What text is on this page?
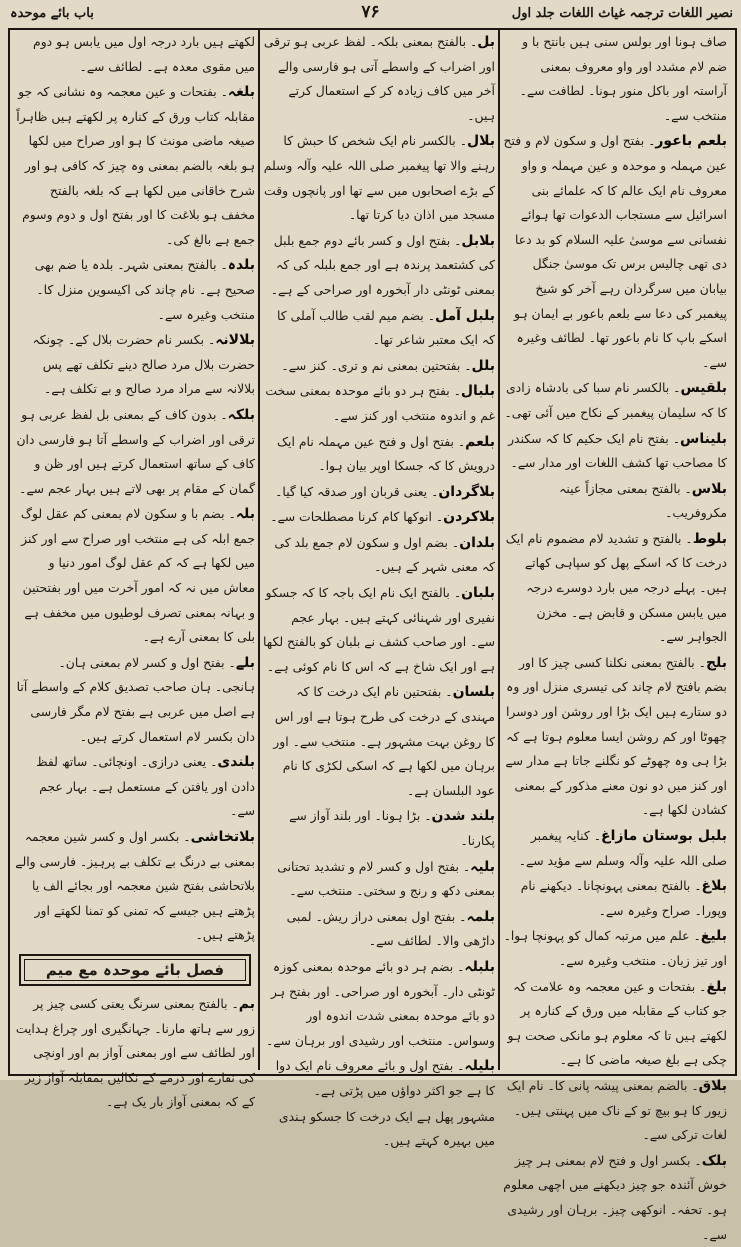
نصیر اللغات ترجمہ غیاث اللغات جلد اول
۷۶
باب بائے موحدہ
صاف ہونا اور بولس سنی ہیں بانتح با و ضم لام مشدد اور واو معروف بمعنی آراستہ اور باکل منور ہونا۔ لطافت سے۔ منتخب سے۔
بلعم باعور۔ بفتح اول و سکون لام و فتح عین مہملہ و موحدہ و عین مہملہ و واو معروف نام ایک عالم کا کہ علمائے بنی اسرائیل سے مستجاب الدعوات تھا ہوائے نفسانی سے موسیٰ علیہ السلام کو بد دعا دی تھی چالیس برس تک موسیٰ جنگل بیابان میں سرگردان رہے آخر کو شیخ پیغمبر کی دعا سے بلعم باعور بے ایمان ہو اسکے باپ کا نام باعور تھا۔ لطائف وغیرہ سے۔
بلقیس۔ بالکسر نام سبا کی بادشاہ زادی کا کہ سلیمان پیغمبر کے نکاح میں آئی تھی۔
بلیناس۔ بفتح نام ایک حکیم کا کہ سکندر کا مصاحب تھا کشف اللغات اور مدار سے۔
بلاس۔ بالفتح بمعنی مجازاً عینہ مکروفریب۔
بلوط۔ بالفتح و تشدید لام مضموم نام ایک درخت کا کہ اسکے پھل کو سپاہی کھاتے ہیں۔ پہلے درجہ میں بارد دوسرے درجہ میں یابس مسکن و قابض ہے۔ مخزن الجواہر سے۔
بلج۔ بالفتح بمعنی نکلنا کسی چیز کا اور بضم بافتح لام چاند کی تیسری منزل اور وہ دو ستارے ہیں ایک بڑا اور روشن اور دوسرا چھوٹا اور کم روشن ایسا معلوم ہوتا ہے کہ بڑا ہی وہ چھوٹے کو نگلنے جاتا ہے مدار سے اور کنز میں دو نون معنے مذکور کے بمعنی کشادن لکھا ہے۔
بلبل بوستان مازاغ۔ کنایہ پیغمبر صلی اللہ علیہ وآلہ وسلم سے مؤید سے۔
بلاغ۔ بالفتح بمعنی پہونچانا۔ دیکھنے نام وپورا۔ صراح وغیرہ سے۔
بلیغ۔ علم میں مرتبہ کمال کو پہونچا ہوا۔ اور تیز زبان۔ منتخب وغیرہ سے۔
بلغ۔ بفتحات و عین معجمہ وہ علامت کہ جو کتاب کے مقابلہ میں ورق کے کنارہ پر لکھتے ہیں تا کہ معلوم ہو مانکی صحت ہو چکی ہے بلغ صیغہ ماضی کا ہے۔
بلاق۔ بالضم بمعنی پیشہ پانی کا۔ نام ایک زیور کا ہو بیچ تو کے ناک میں پہنتی ہیں۔ لغات ترکی سے۔
بلک۔ بکسر اول و فتح لام بمعنی ہر چیز خوش آئندہ جو چیز دیکھنے میں اچھی معلوم ہو۔ تحفہ۔ انوکھی چیز۔ برہان اور رشیدی سے۔
بل۔ بالفتح بمعنی بلکہ۔ لفظ عربی ہو ترقی اور اضراب کے واسطے آتی ہو فارسی والے آخر میں کاف زیادہ کر کے استعمال کرتے ہیں۔
بلال۔ بالکسر نام ایک شخص کا حبش کا رہنے والا تھا پیغمبر صلی اللہ علیہ وآلہ وسلم کے بڑے اصحابوں میں سے تھا اور پانچوں وقت مسجد میں اذان دیا کرتا تھا۔
بلابل۔ بفتح اول و کسر بائے دوم جمع بلبل کی کشتعمد پرندہ ہے اور جمع بلبلہ کی کہ بمعنی ٹونٹی دار آبخورہ اور صراحی کے ہے۔
بلبل آمل۔ بضم میم لقب طالب آملی کا کہ ایک معتبر شاعر تھا۔
بلل۔ بفتحتین بمعنی نم و تری۔ کنز سے۔
بلبال۔ بفتح ہر دو بائے موحدہ بمعنی سخت غم و اندوہ منتخب اور کنز سے۔
بلعم۔ بفتح اول و فتح عین مہملہ نام ایک درویش کا کہ جسکا اوپر بیان ہوا۔
بلاگردان۔ یعنی قربان اور صدقہ کیا گیا۔
بلاکردن۔ انوکھا کام کرنا مصطلحات سے۔
بلدان۔ بضم اول و سکون لام جمع بلد کی کہ معنی شہر کے ہیں۔
بلبان۔ بالفتح ایک نام ایک باجہ کا کہ جسکو نفیری اور شہنائی کہتے ہیں۔ بہار عجم سے۔ اور صاحب کشف نے بلبان کو بالفتح لکھا ہے اور ایک شاخ ہے کہ اس کا نام کوئی ہے۔
بلسان۔ بفتحتین نام ایک درخت کا کہ مہندی کے درخت کی طرح ہوتا ہے اور اس کا روغن بہت مشہور ہے۔ منتخب سے۔ اور برہان میں لکھا ہے کہ اسکی لکڑی کا نام عود البلسان ہے۔
بلند شدن۔ بڑا ہونا۔ اور بلند آواز سے پکارنا۔
بلیہ۔ بفتح اول و کسر لام و تشدید تحتانی بمعنی دکھ و رنج و سختی۔ منتخب سے۔
بلمہ۔ بفتح اول بمعنی دراز ریش۔ لمبی داڑھی والا۔ لطائف سے۔
بلبلہ۔ بضم ہر دو بائے موحدہ بمعنی کوزہ ٹونٹی دار۔ آبخورہ اور صراحی۔ اور بفتح ہر دو بائے موحدہ بمعنی شدت اندوہ اور وسواس۔ منتخب اور رشیدی اور برہان سے۔
بلیلہ۔ بفتح اول و بائے معروف نام ایک دوا کا ہے جو اکثر دواؤں میں پڑتی ہے۔
مشہور پھل ہے ایک درخت کا جسکو ہندی میں بہیرہ کہتے ہیں۔
لکھتے ہیں بارد درجہ اول میں یابس ہو دوم میں مقوی معدہ ہے۔ لطائف سے۔
بلغہ۔ بفتحات و عین معجمہ وہ نشانی کہ جو مقابلہ کتاب ورق کے کنارہ پر لکھتے ہیں ظاہراً صیغہ ماضی مونث کا ہو اور صراح میں لکھا ہو بلغہ بالضم بمعنی وہ چیز کہ کافی ہو اور شرح خاقانی میں لکھا ہے کہ بلغہ بالفتح مخفف ہو بلاغت کا اور بفتح اول و دوم وسوم جمع ہے بالغ کی۔
بلدہ۔ بالفتح بمعنی شہر۔ بلدہ یا ضم بھی صحیح ہے۔ نام چاند کی اکیسوین منزل کا۔ منتخب وغیرہ سے۔
بلالانہ۔ بکسر نام حضرت بلال کے۔ چونکہ حضرت بلال مرد صالح دینے تکلف تھے پس بلالانہ سے مراد مرد صالح و بے تکلف ہے۔
بلکہ۔ بدون کاف کے بمعنی بل لفظ عربی ہو ترقی اور اضراب کے واسطے آتا ہو فارسی دان کاف کے ساتھ استعمال کرتے ہیں اور ظن و گمان کے مقام پر بھی لاتے ہیں بہار عجم سے۔
بلہ۔ بضم با و سکون لام بمعنی کم عقل لوگ جمع ابلہ کی ہے منتخب اور صراح سے اور کنز میں لکھا ہے کہ کم عقل لوگ امور دنیا و معاش میں نہ کہ امور آخرت میں اور بفتحتین و بہانہ بمعنی تصرف لوطیوں میں مخفف ہے بلی کا بمعنی آرے ہے۔
بلے۔ بفتح اول و کسر لام بمعنی ہان۔ ہانجی۔ ہان صاحب تصدیق کلام کے واسطے آتا ہے اصل میں عربی ہے بفتح لام مگر فارسی دان بکسر لام استعمال کرتے ہیں۔
بلندی۔ یعنی درازی۔ اونچائی۔ ساتھ لفظ دادن اور یافتن کے مستعمل ہے۔ بہار عجم سے۔
بلاتخاشی۔ بکسر اول و کسر شین معجمہ بمعنی بے درنگ بے تکلف بے پرہیز۔ فارسی والے بلاتحاشی بفتح شین معجمہ اور بجائے الف یا پڑھتے ہیں جیسے کہ تمنی کو تمنا لکھتے اور پڑھتے ہیں۔
فصل بائے موحدہ مع میم
بم۔ بالفتح بمعنی سرنگ یعنی کسی چیز پر زور سے ہاتھ مارنا۔ جہانگیری اور چراغ ہدایت اور لطائف سے اور بمعنی آواز بم اور اونچی کی نقارے اور درمے کے نکالیں بمقابلہ آواز زیر کے کہ بمعنی آواز بار یک ہے۔
